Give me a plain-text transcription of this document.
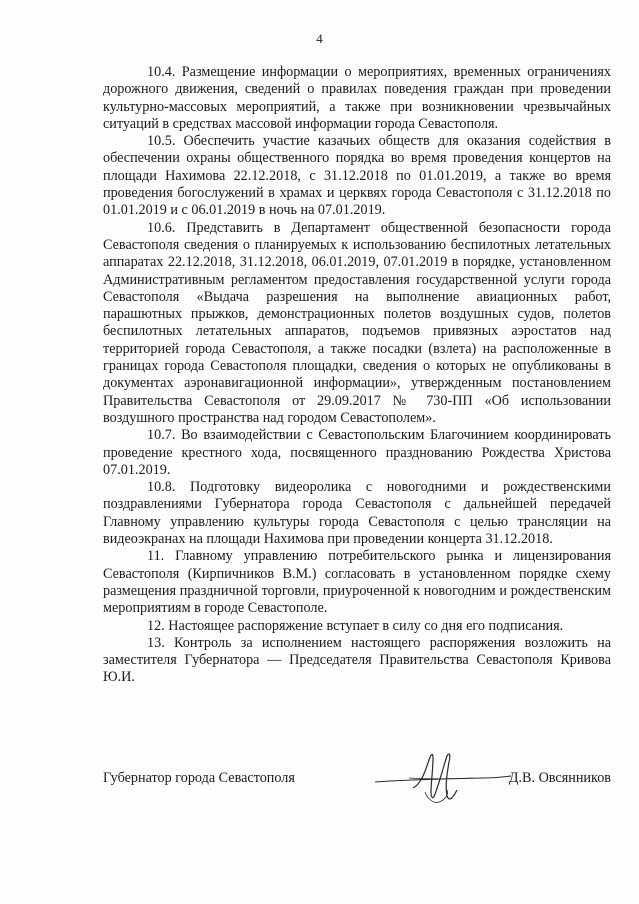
4

10.4. Размещение информации о мероприятиях, временных ограничениях дорожного движения, сведений о правилах поведения граждан при проведении культурно-массовых мероприятий, а также при возникновении чрезвычайных ситуаций в средствах массовой информации города Севастополя.

10.5. Обеспечить участие казачьих обществ для оказания содействия в обеспечении охраны общественного порядка во время проведения концертов на площади Нахимова 22.12.2018, с 31.12.2018 по 01.01.2019, а также во время проведения богослужений в храмах и церквях города Севастополя с 31.12.2018 по 01.01.2019 и с 06.01.2019 в ночь на 07.01.2019.

10.6. Представить в Департамент общественной безопасности города Севастополя сведения о планируемых к использованию беспилотных летательных аппаратах 22.12.2018, 31.12.2018, 06.01.2019, 07.01.2019 в порядке, установленном Административным регламентом предоставления государственной услуги города Севастополя «Выдача разрешения на выполнение авиационных работ, парашютных прыжков, демонстрационных полетов воздушных судов, полетов беспилотных летательных аппаратов, подъемов привязных аэростатов над территорией города Севастополя, а также посадки (взлета) на расположенные в границах города Севастополя площадки, сведения о которых не опубликованы в документах аэронавигационной информации», утвержденным постановлением Правительства Севастополя от 29.09.2017 № 730-ПП «Об использовании воздушного пространства над городом Севастополем».

10.7. Во взаимодействии с Севастопольским Благочинием координировать проведение крестного хода, посвященного празднованию Рождества Христова 07.01.2019.

10.8. Подготовку видеоролика с новогодними и рождественскими поздравлениями Губернатора города Севастополя с дальнейшей передачей Главному управлению культуры города Севастополя с целью трансляции на видеоэкранах на площади Нахимова при проведении концерта 31.12.2018.

11. Главному управлению потребительского рынка и лицензирования Севастополя (Кирпичников В.М.) согласовать в установленном порядке схему размещения праздничной торговли, приуроченной к новогодним и рождественским мероприятиям в городе Севастополе.

12. Настоящее распоряжение вступает в силу со дня его подписания.

13. Контроль за исполнением настоящего распоряжения возложить на заместителя Губернатора — Председателя Правительства Севастополя Кривова Ю.И.

Губернатор города Севастополя	Д.В. Овсянников
